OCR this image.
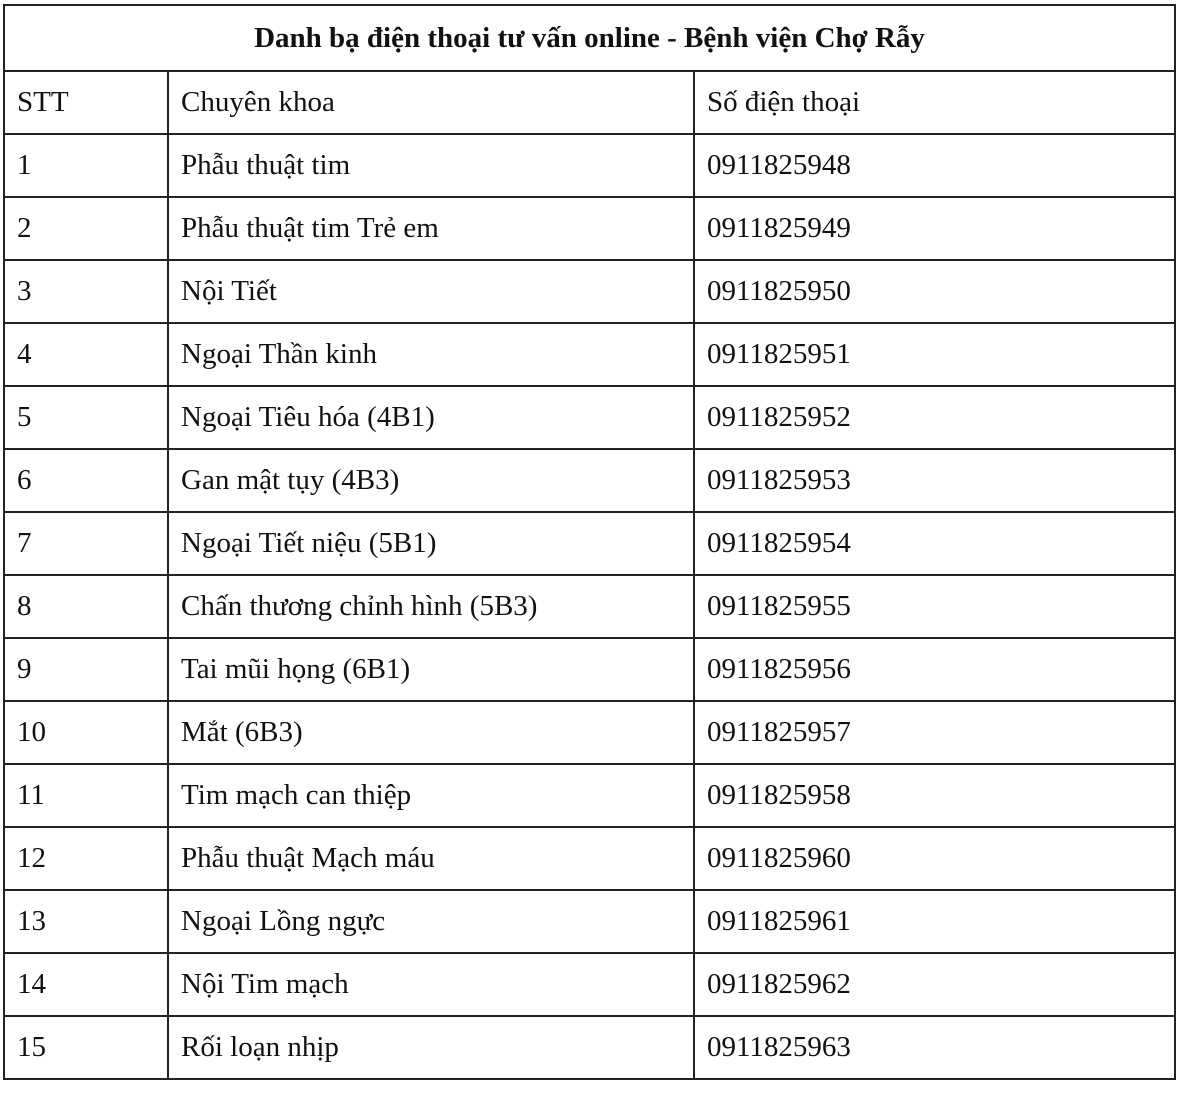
Danh bạ điện thoại tư vấn online - Bệnh viện Chợ Rẫy		
STT	Chuyên khoa	Số điện thoại
1	Phẫu thuật tim	0911825948
2	Phẫu thuật tim Trẻ em	0911825949
3	Nội Tiết	0911825950
4	Ngoại Thần kinh	0911825951
5	Ngoại Tiêu hóa (4B1)	0911825952
6	Gan mật tụy (4B3)	0911825953
7	Ngoại Tiết niệu (5B1)	0911825954
8	Chấn thương chỉnh hình (5B3)	0911825955
9	Tai mũi họng (6B1)	0911825956
10	Mắt (6B3)	0911825957
11	Tim mạch can thiệp	0911825958
12	Phẫu thuật Mạch máu	0911825960
13	Ngoại Lồng ngực	0911825961
14	Nội Tim mạch	0911825962
15	Rối loạn nhịp	0911825963
